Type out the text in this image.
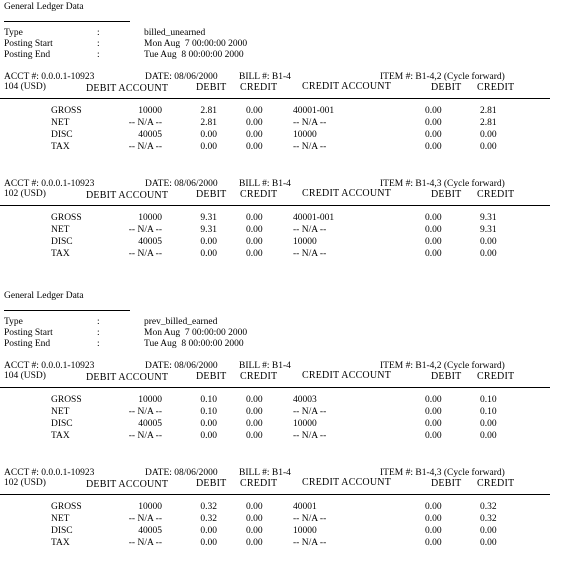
General Ledger Data
Type	:	billed_unearned
Posting Start	:	Mon Aug  7 00:00:00 2000
Posting End	:	Tue Aug  8 00:00:00 2000
ACCT #: 0.0.0.1-10923	DATE: 08/06/2000 BILL #: B1-4	ITEM #: B1-4,2 (Cycle forward)
104 (USD)	DEBIT ACCOUNT	DEBIT CREDIT CREDIT ACCOUNT	DEBIT CREDIT
GROSS	10000	2.81	0.00	40001-001	0.00	2.81
NET	-- N/A --	2.81	0.00	-- N/A --	0.00	2.81
DISC	40005	0.00	0.00	10000	0.00	0.00
TAX	-- N/A --	0.00	0.00	-- N/A --	0.00	0.00
ACCT #: 0.0.0.1-10923	DATE: 08/06/2000 BILL #: B1-4	ITEM #: B1-4,3 (Cycle forward)
102 (USD)	DEBIT ACCOUNT	DEBIT CREDIT CREDIT ACCOUNT	DEBIT CREDIT
GROSS	10000	9.31	0.00	40001-001	0.00	9.31
NET	-- N/A --	9.31	0.00	-- N/A --	0.00	9.31
DISC	40005	0.00	0.00	10000	0.00	0.00
TAX	-- N/A --	0.00	0.00	-- N/A --	0.00	0.00
General Ledger Data
Type	:	prev_billed_earned
Posting Start	:	Mon Aug  7 00:00:00 2000
Posting End	:	Tue Aug  8 00:00:00 2000
ACCT #: 0.0.0.1-10923	DATE: 08/06/2000 BILL #: B1-4	ITEM #: B1-4,2 (Cycle forward)
104 (USD)	DEBIT ACCOUNT	DEBIT CREDIT CREDIT ACCOUNT	DEBIT CREDIT
GROSS	10000	0.10	0.00	40003	0.00	0.10
NET	-- N/A --	0.10	0.00	-- N/A --	0.00	0.10
DISC	40005	0.00	0.00	10000	0.00	0.00
TAX	-- N/A --	0.00	0.00	-- N/A --	0.00	0.00
ACCT #: 0.0.0.1-10923	DATE: 08/06/2000 BILL #: B1-4	ITEM #: B1-4,3 (Cycle forward)
102 (USD)	DEBIT ACCOUNT	DEBIT CREDIT CREDIT ACCOUNT	DEBIT CREDIT
GROSS	10000	0.32	0.00	40001	0.00	0.32
NET	-- N/A --	0.32	0.00	-- N/A --	0.00	0.32
DISC	40005	0.00	0.00	10000	0.00	0.00
TAX	-- N/A --	0.00	0.00	-- N/A --	0.00	0.00
